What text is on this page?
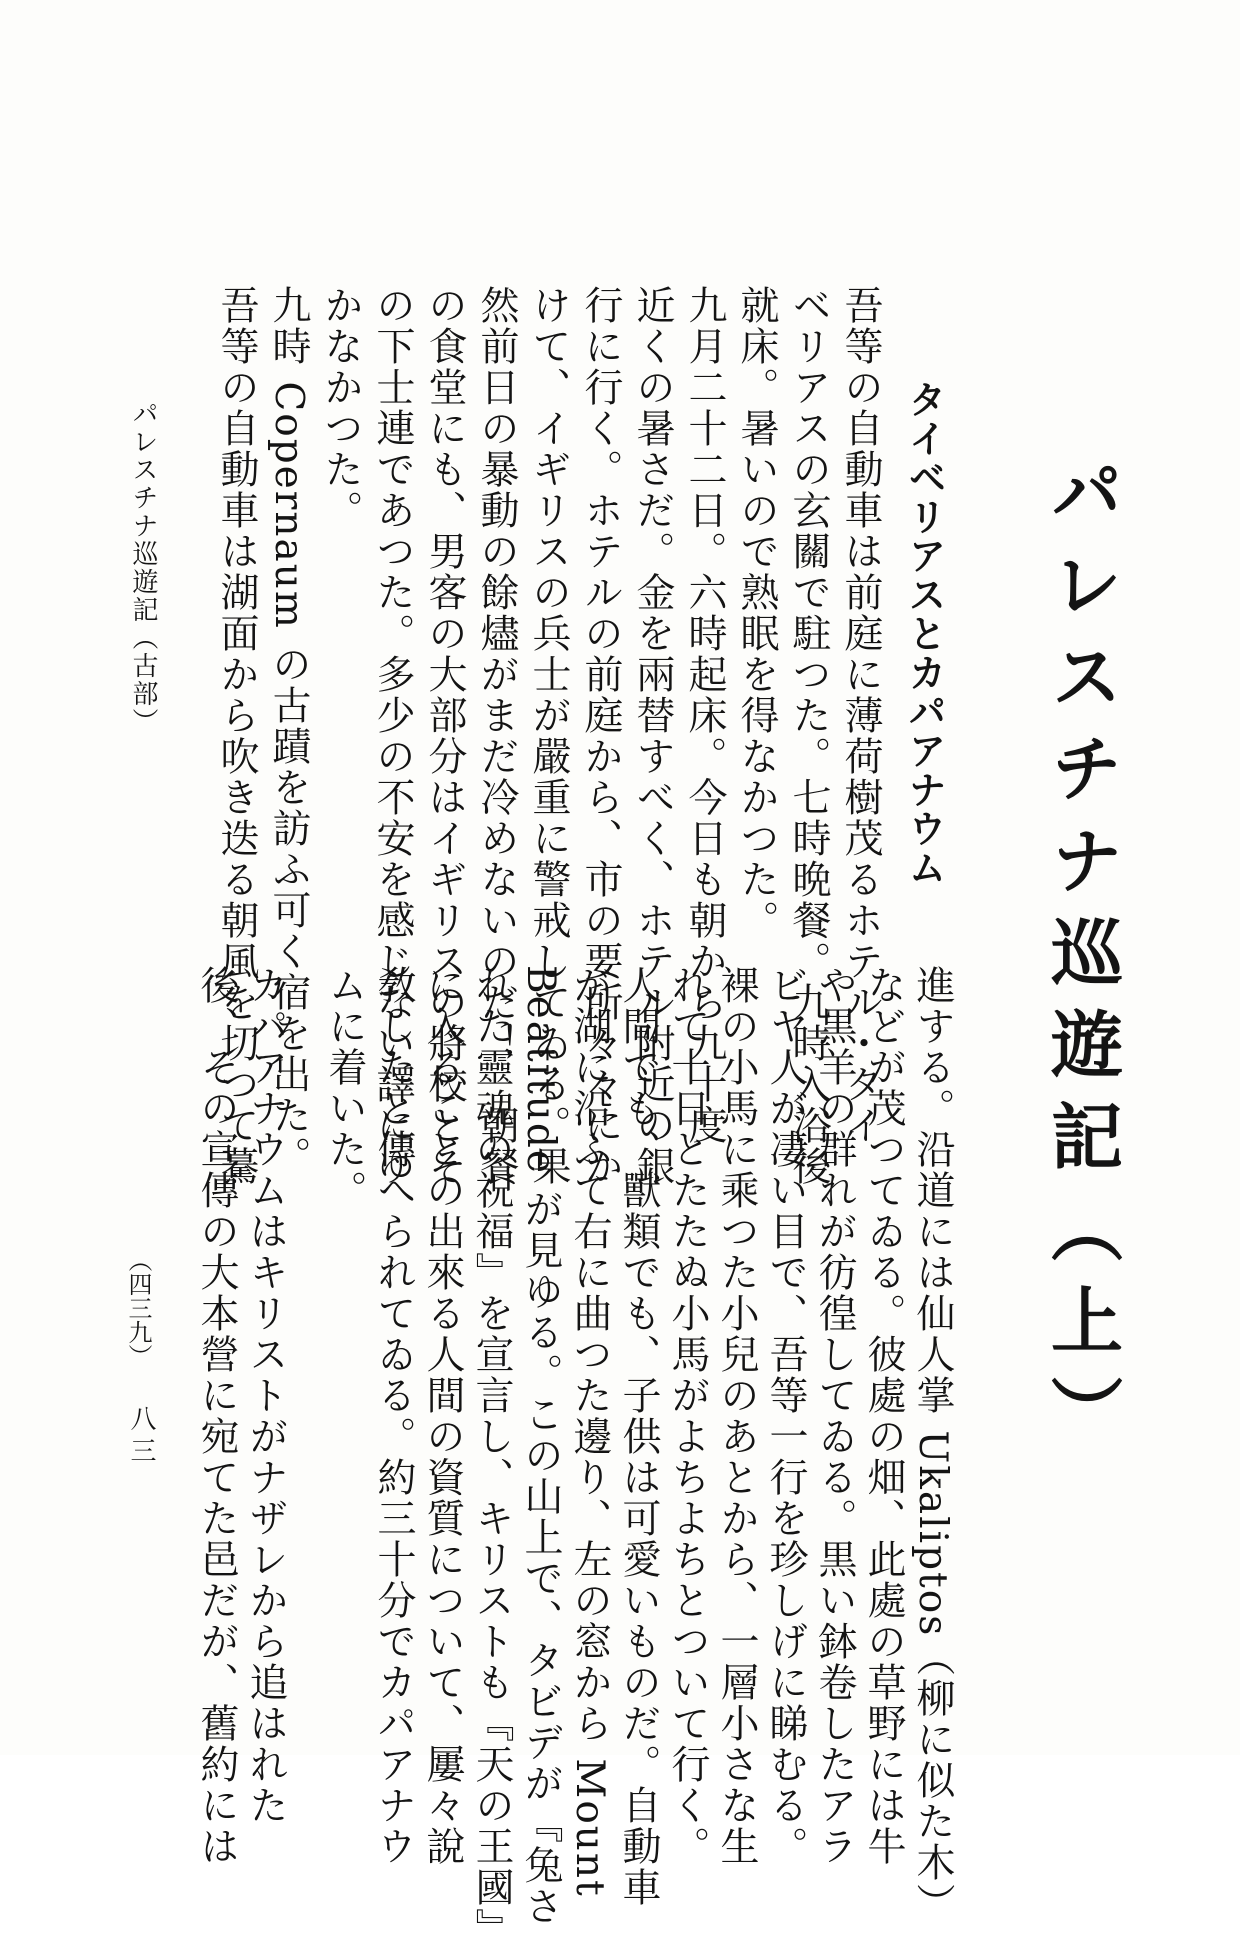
パレスチナ巡遊記（上）
タイベリアスとカパアナウム

吾等の自動車は前庭に薄荷樹茂るホテル・タイ

ベリアスの玄關で駐つた。七時晩餐。九時入浴後

就床。暑いので熟眠を得なかつた。

九月二十二日。六時起床。今日も朝から九十度

近くの暑さだ。金を兩替すべく、ホテル附近の銀

行に行く。ホテルの前庭から、市の要所々々にか

けて、イギリスの兵士が嚴重に警戒してゐる。果

然前日の暴動の餘燼がまだ冷めないのだ！　朝餐

の食堂にも、男客の大部分はイギリスの將校とそ

の下士連であつた。多少の不安を感じない譯にゆ

かなかつた。

九時 Copernaum の古蹟を訪ふ可く宿を出た。

吾等の自動車は湖面から吹き迭る朝風を切つて驀

進する。沿道には仙人掌 Ukaliptos（柳に似た木）

などが茂つてゐる。彼處の畑、此處の草野には牛

や黒羊の群れが彷徨してゐる。黒い鉢卷したアラ

ビヤ人が凄い目で、吾等一行を珍しげに睇むる。

裸の小馬に乘つた小兒のあとから、一層小さな生

れて十日とたたぬ小馬がよちよちとついて行く。

人間でも、獸類でも、子供は可愛いものだ。自動車

が湖に沿ふて右に曲つた邊り、左の窓から Mount

Beatitude が見ゆる。この山上で、タビデが『兔さ

れた靈魂の祝福』を宣言し、キリストも『天の王國』

に入ることの出來る人間の資質について、屢々說

敎したと傳へられてゐる。約三十分でカパアナウ

ムに着いた。

カパアナウムはキリストがナザレから追はれた

後、その宣傳の大本營に宛てた邑だが、舊約には

パレスチナ巡遊記（古部）
（四三九）
八三
